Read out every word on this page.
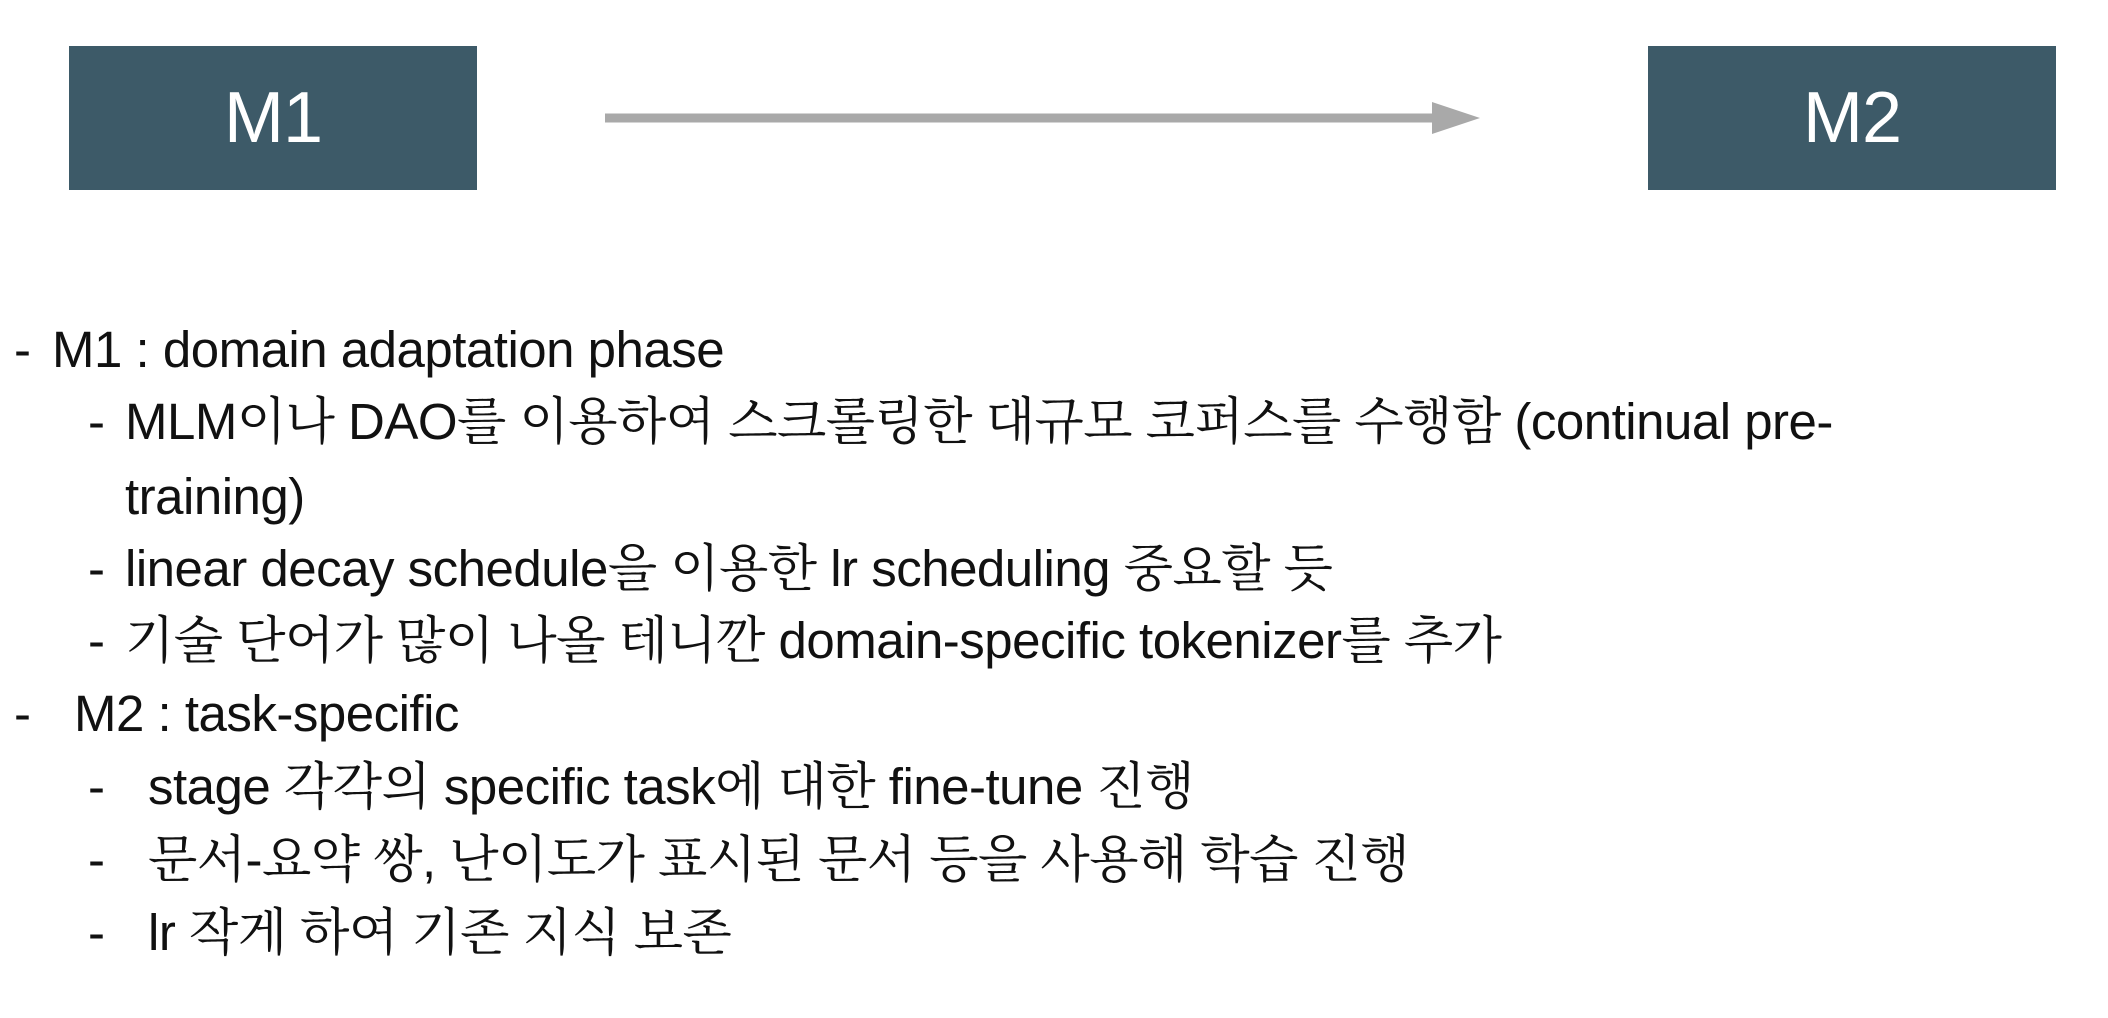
M1	M2
- M1 : domain adaptation phase
- MLM이나 DAO를 이용하여 스크롤링한 대규모 코퍼스를 수행함 (continual pre-
training)
- linear decay schedule을 이용한 lr scheduling 중요할 듯
- 기술 단어가 많이 나올 테니깐 domain-specific tokenizer를 추가
- M2 : task-specific
- stage 각각의 specific task에 대한 fine-tune 진행
- 문서-요약 쌍, 난이도가 표시된 문서 등을 사용해 학습 진행
- lr 작게 하여 기존 지식 보존
